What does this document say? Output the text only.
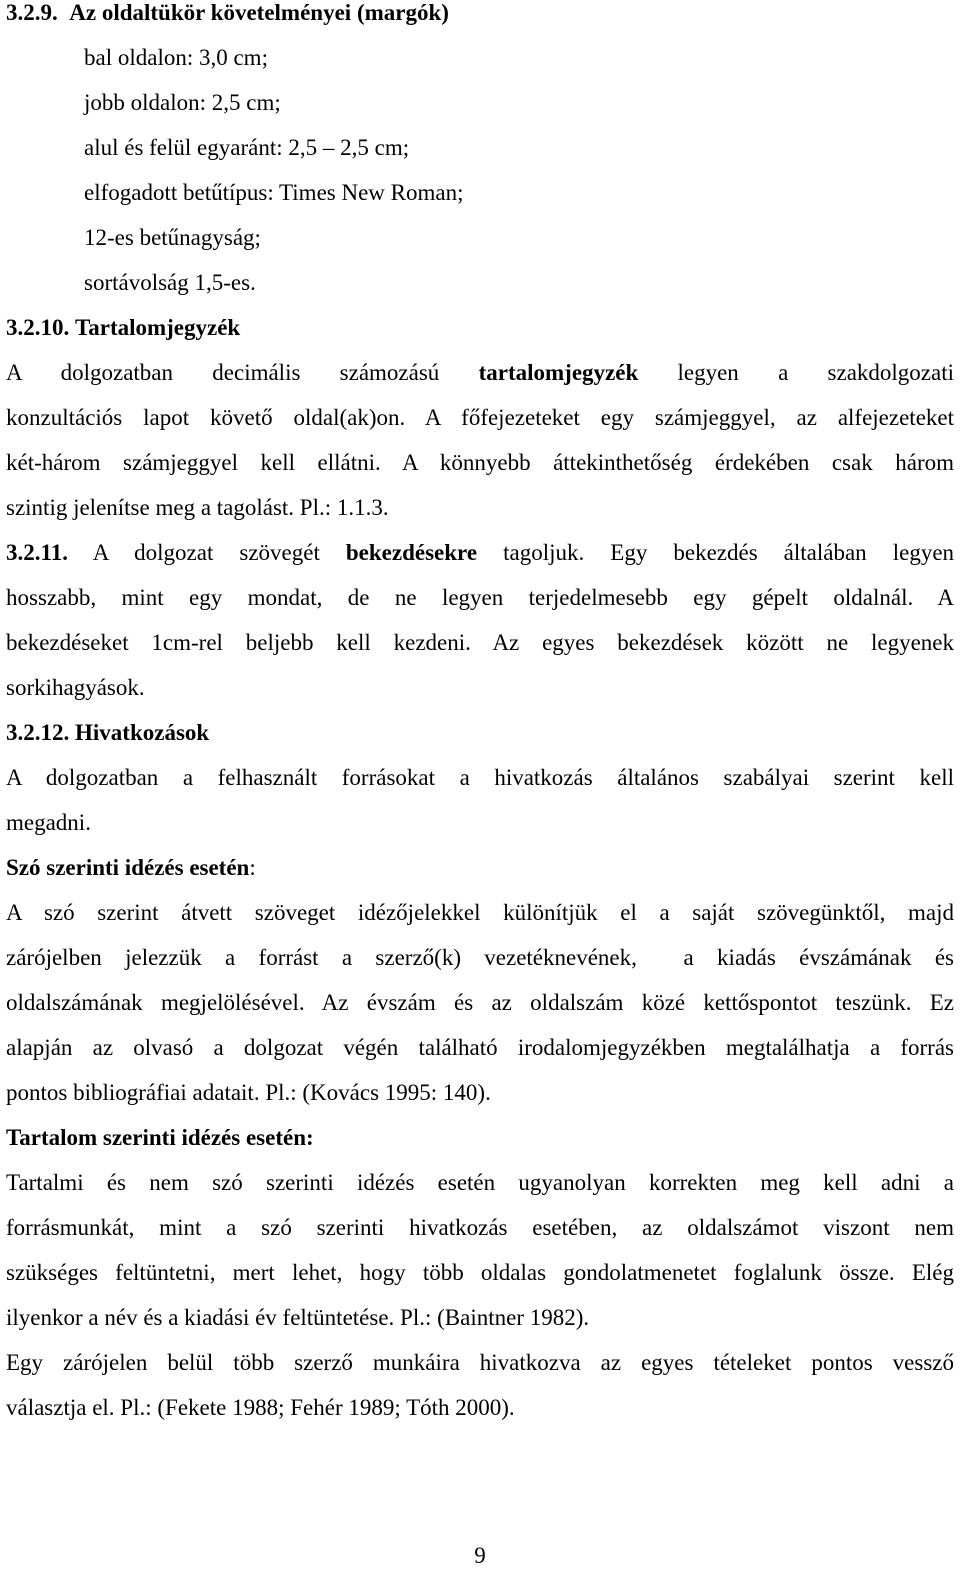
3.2.9. Az oldaltükör követelményei (margók)
bal oldalon: 3,0 cm;
jobb oldalon: 2,5 cm;
alul és felül egyaránt: 2,5 – 2,5 cm;
elfogadott betűtípus: Times New Roman;
12-es betűnagyság;
sortávolság 1,5-es.
3.2.10. Tartalomjegyzék
A dolgozatban decimális számozású tartalomjegyzék legyen a szakdolgozati
konzultációs lapot követő oldal(ak)on. A főfejezeteket egy számjeggyel, az alfejezeteket
két-három számjeggyel kell ellátni. A könnyebb áttekinthetőség érdekében csak három
szintig jelenítse meg a tagolást. Pl.: 1.1.3.
3.2.11. A dolgozat szövegét bekezdésekre tagoljuk. Egy bekezdés általában legyen
hosszabb, mint egy mondat, de ne legyen terjedelmesebb egy gépelt oldalnál. A
bekezdéseket 1cm-rel beljebb kell kezdeni. Az egyes bekezdések között ne legyenek
sorkihagyások.
3.2.12. Hivatkozások
A dolgozatban a felhasznált forrásokat a hivatkozás általános szabályai szerint kell
megadni.
Szó szerinti idézés esetén:
A szó szerint átvett szöveget idézőjelekkel különítjük el a saját szövegünktől, majd
zárójelben jelezzük a forrást a szerző(k) vezetéknevének,  a kiadás évszámának és
oldalszámának megjelölésével. Az évszám és az oldalszám közé kettőspontot teszünk. Ez
alapján az olvasó a dolgozat végén található irodalomjegyzékben megtalálhatja a forrás
pontos bibliográfiai adatait. Pl.: (Kovács 1995: 140).
Tartalom szerinti idézés esetén:
Tartalmi és nem szó szerinti idézés esetén ugyanolyan korrekten meg kell adni a
forrásmunkát, mint a szó szerinti hivatkozás esetében, az oldalszámot viszont nem
szükséges feltüntetni, mert lehet, hogy több oldalas gondolatmenetet foglalunk össze. Elég
ilyenkor a név és a kiadási év feltüntetése. Pl.: (Baintner 1982).
Egy zárójelen belül több szerző munkáira hivatkozva az egyes tételeket pontos vessző
választja el. Pl.: (Fekete 1988; Fehér 1989; Tóth 2000).
9
